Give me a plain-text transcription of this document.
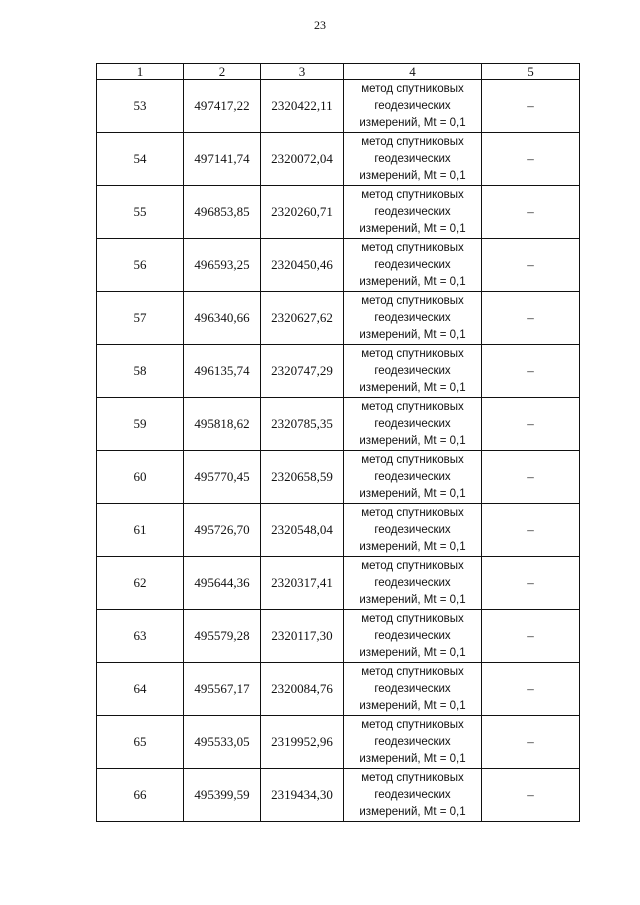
23
1	2	3	4	5
53	497417,22	2320422,11	метод спутниковых
геодезических
измерений, Mt = 0,1	–
54	497141,74	2320072,04	метод спутниковых
геодезических
измерений, Mt = 0,1	–
55	496853,85	2320260,71	метод спутниковых
геодезических
измерений, Mt = 0,1	–
56	496593,25	2320450,46	метод спутниковых
геодезических
измерений, Mt = 0,1	–
57	496340,66	2320627,62	метод спутниковых
геодезических
измерений, Mt = 0,1	–
58	496135,74	2320747,29	метод спутниковых
геодезических
измерений, Mt = 0,1	–
59	495818,62	2320785,35	метод спутниковых
геодезических
измерений, Mt = 0,1	–
60	495770,45	2320658,59	метод спутниковых
геодезических
измерений, Mt = 0,1	–
61	495726,70	2320548,04	метод спутниковых
геодезических
измерений, Mt = 0,1	–
62	495644,36	2320317,41	метод спутниковых
геодезических
измерений, Mt = 0,1	–
63	495579,28	2320117,30	метод спутниковых
геодезических
измерений, Mt = 0,1	–
64	495567,17	2320084,76	метод спутниковых
геодезических
измерений, Mt = 0,1	–
65	495533,05	2319952,96	метод спутниковых
геодезических
измерений, Mt = 0,1	–
66	495399,59	2319434,30	метод спутниковых
геодезических
измерений, Mt = 0,1	–
